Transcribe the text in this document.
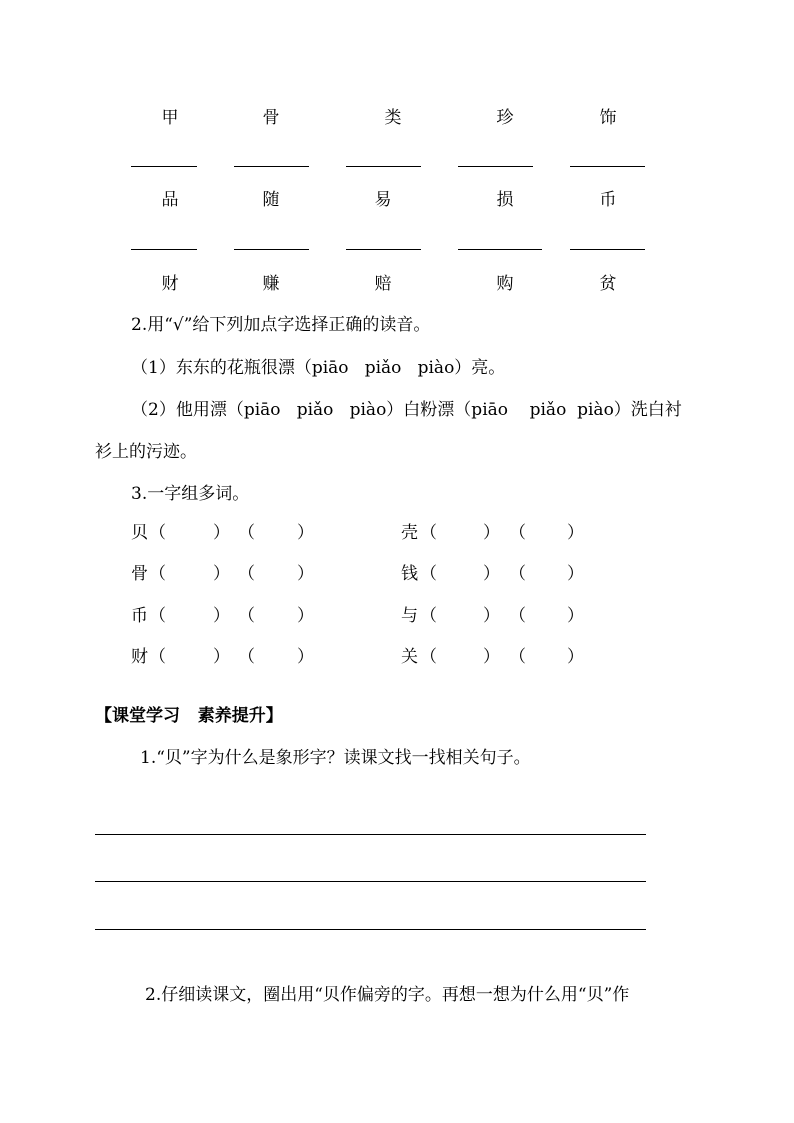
甲	骨	类	珍	饰
品	随	易	损	币
财	赚	赔	购	贫
2.用“√”给下列加点字选择正确的读音。
（1）东东的花瓶很漂（piāo   piǎo   piào）亮。
（2）他用漂（piāo   piǎo   piào）白粉漂（piāo    piǎo  piào）洗白衬
衫上的污迹。
3.一字组多词。
贝 （	） （ ）	壳 （	） （ ）
骨 （	） （ ）	钱 （	） （ ）
币 （	） （ ）	与 （	） （ ）
财 （	） （ ）	关 （	） （ ）
【课堂学习   素养提升】
1.“贝”字为什么是象形字？读课文找一找相关句子。
2.仔细读课文，圈出用“贝作偏旁的字。再想一想为什么用“贝”作
